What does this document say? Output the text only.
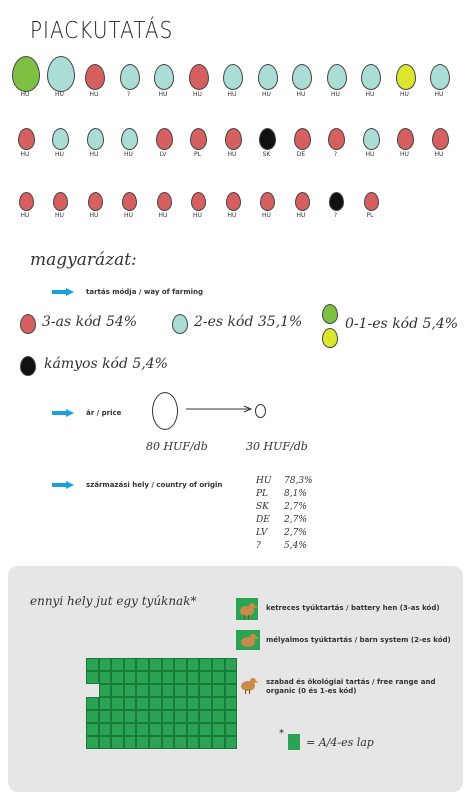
PIACKUTATÁS
HU	HU	HU	?	HU	HU	HU	HU	HU	HU	HU	HU	HU
HU	HU	HU	HU	LV	PL	HU	SK	DE	?	HU	HU	HU
HU	HU	HU	HU	HU	HU	HU	HU	HU	?	PL
magyarázat:
tartás módja / way of farming
3-as kód 54%	2-es kód 35,1%	0-1-es kód 5,4%
kámyos kód 5,4%
ár / price
80 HUF/db	30 HUF/db
származási hely / country of origin	HU 78,3%
PL 8,1%
SK 2,7%
DE 2,7%
LV 2,7%
?	5,4%
ennyi hely jut egy tyúknak*	ketreces tyúktartás / battery hen (3-as kód)
mélyalmos tyúktartás / barn system (2-es kód)
szabad és ökológiai tartás / free range and organic (0 és 1-es kód)
*
= A/4-es lap
